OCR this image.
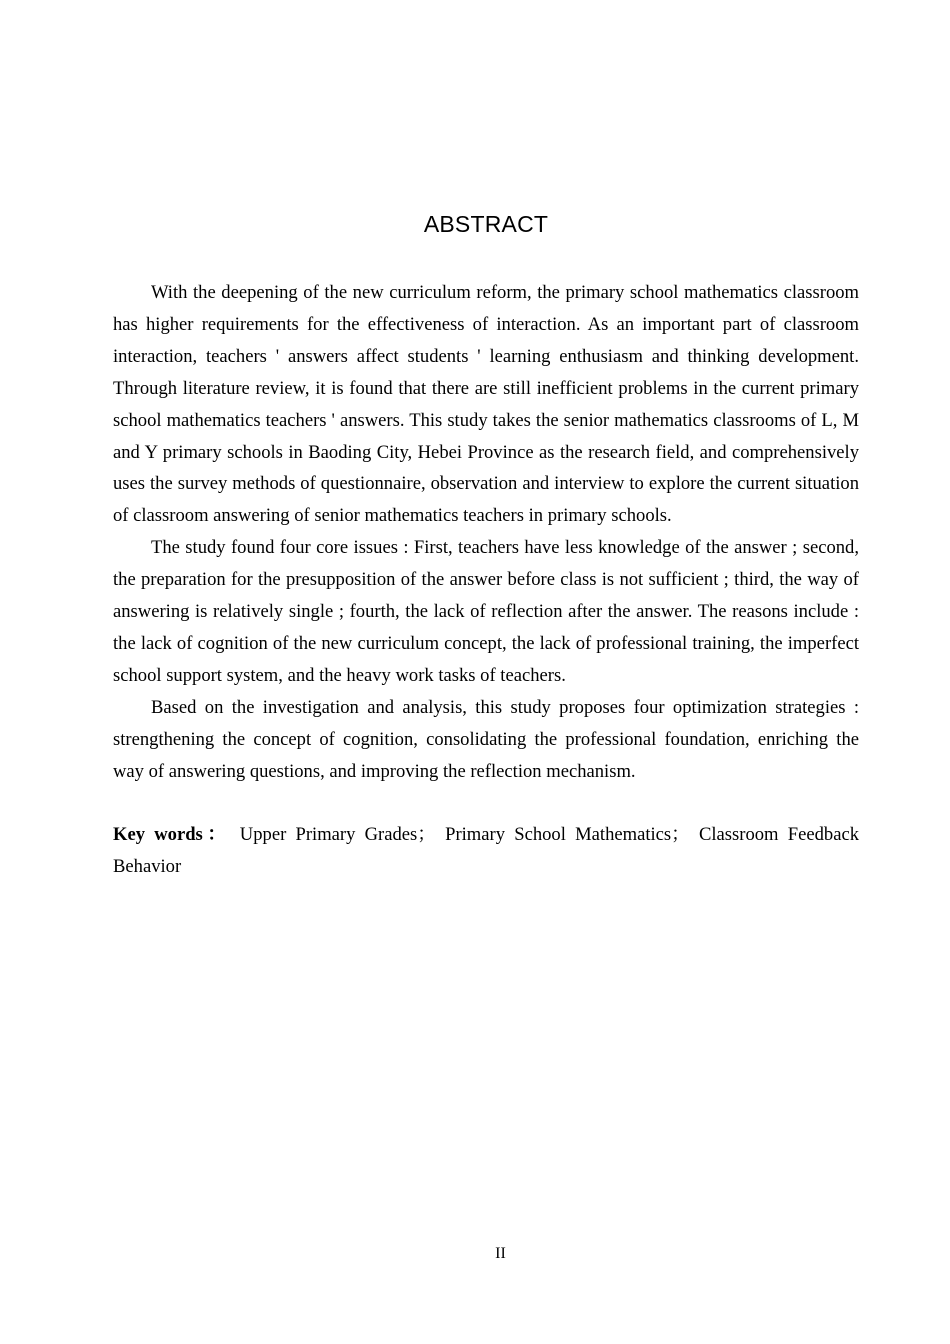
ABSTRACT

With the deepening of the new curriculum reform, the primary school mathematics classroom has higher requirements for the effectiveness of interaction. As an important part of classroom interaction, teachers ' answers affect students ' learning enthusiasm and thinking development. Through literature review, it is found that there are still inefficient problems in the current primary school mathematics teachers ' answers. This study takes the senior mathematics classrooms of L, M and Y primary schools in Baoding City, Hebei Province as the research field, and comprehensively uses the survey methods of questionnaire, observation and interview to explore the current situation of classroom answering of senior mathematics teachers in primary schools.

The study found four core issues : First, teachers have less knowledge of the answer ; second, the preparation for the presupposition of the answer before class is not sufficient ; third, the way of answering is relatively single ; fourth, the lack of reflection after the answer. The reasons include : the lack of cognition of the new curriculum concept, the lack of professional training, the imperfect school support system, and the heavy work tasks of teachers.

Based on the investigation and analysis, this study proposes four optimization strategies : strengthening the concept of cognition, consolidating the professional foundation, enriching the way of answering questions, and improving the reflection mechanism.

Key words： Upper Primary Grades； Primary School Mathematics； Classroom Feedback Behavior
II
